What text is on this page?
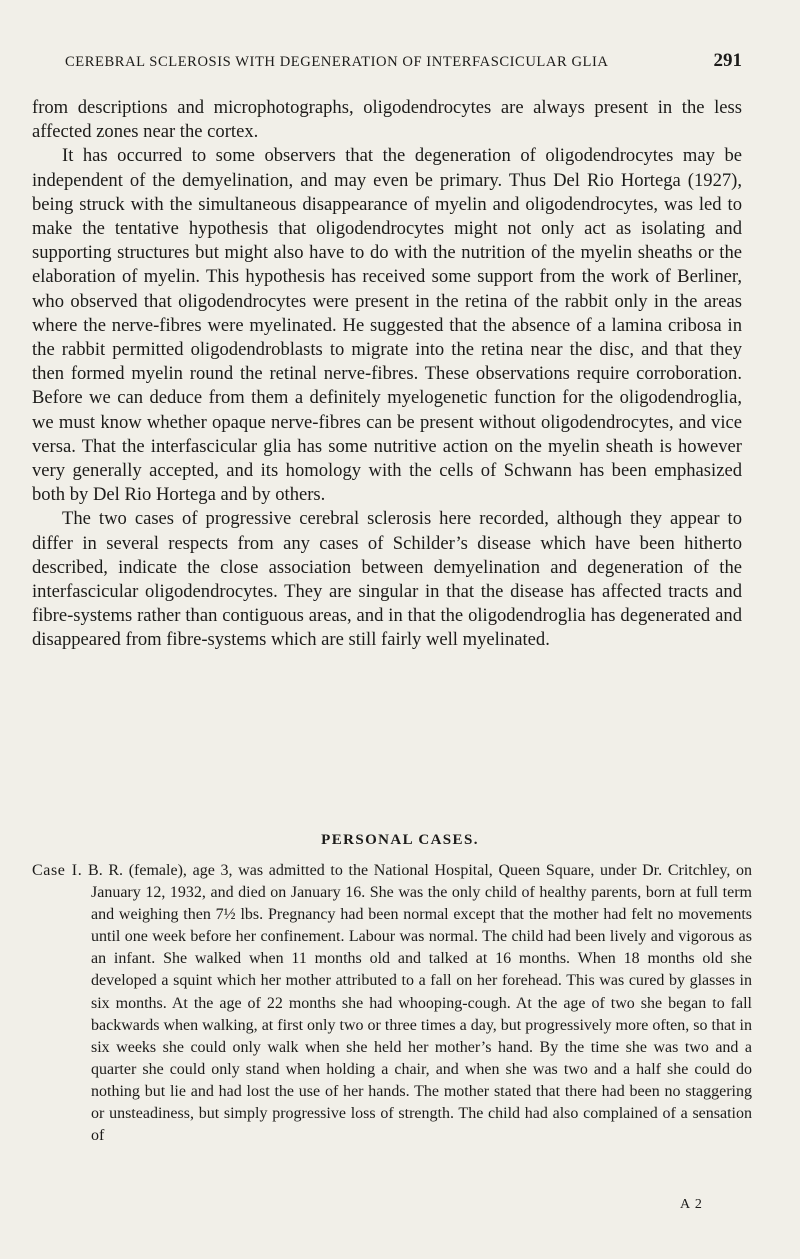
CEREBRAL SCLEROSIS WITH DEGENERATION OF INTERFASCICULAR GLIA	291

from descriptions and microphotographs, oligodendrocytes are always present in the less affected zones near the cortex.

It has occurred to some observers that the degeneration of oligodendrocytes may be independent of the demyelination, and may even be primary. Thus Del Rio Hortega (1927), being struck with the simultaneous disappearance of myelin and oligodendrocytes, was led to make the tentative hypothesis that oligodendrocytes might not only act as isolating and supporting structures but might also have to do with the nutrition of the myelin sheaths or the elaboration of myelin. This hypothesis has received some support from the work of Berliner, who observed that oligodendrocytes were present in the retina of the rabbit only in the areas where the nerve-fibres were myelinated. He suggested that the absence of a lamina cribosa in the rabbit permitted oligodendroblasts to migrate into the retina near the disc, and that they then formed myelin round the retinal nerve-fibres. These observations require corroboration. Before we can deduce from them a definitely myelogenetic function for the oligodendroglia, we must know whether opaque nerve-fibres can be present without oligodendrocytes, and vice versa. That the interfascicular glia has some nutritive action on the myelin sheath is however very generally accepted, and its homology with the cells of Schwann has been emphasized both by Del Rio Hortega and by others.

The two cases of progressive cerebral sclerosis here recorded, although they appear to differ in several respects from any cases of Schilder’s disease which have been hitherto described, indicate the close association between demyelination and degeneration of the interfascicular oligodendrocytes. They are singular in that the disease has affected tracts and fibre-systems rather than contiguous areas, and in that the oligodendroglia has degenerated and disappeared from fibre-systems which are still fairly well myelinated.

PERSONAL CASES.

Case I. B. R. (female), age 3, was admitted to the National Hospital, Queen Square, under Dr. Critchley, on January 12, 1932, and died on January 16. She was the only child of healthy parents, born at full term and weighing then 7½ lbs. Pregnancy had been normal except that the mother had felt no movements until one week before her confinement. Labour was normal. The child had been lively and vigorous as an infant. She walked when 11 months old and talked at 16 months. When 18 months old she developed a squint which her mother attributed to a fall on her forehead. This was cured by glasses in six months. At the age of 22 months she had whooping-cough. At the age of two she began to fall backwards when walking, at first only two or three times a day, but progressively more often, so that in six weeks she could only walk when she held her mother’s hand. By the time she was two and a quarter she could only stand when holding a chair, and when she was two and a half she could do nothing but lie and had lost the use of her hands. The mother stated that there had been no staggering or unsteadiness, but simply progressive loss of strength. The child had also complained of a sensation of

A 2
